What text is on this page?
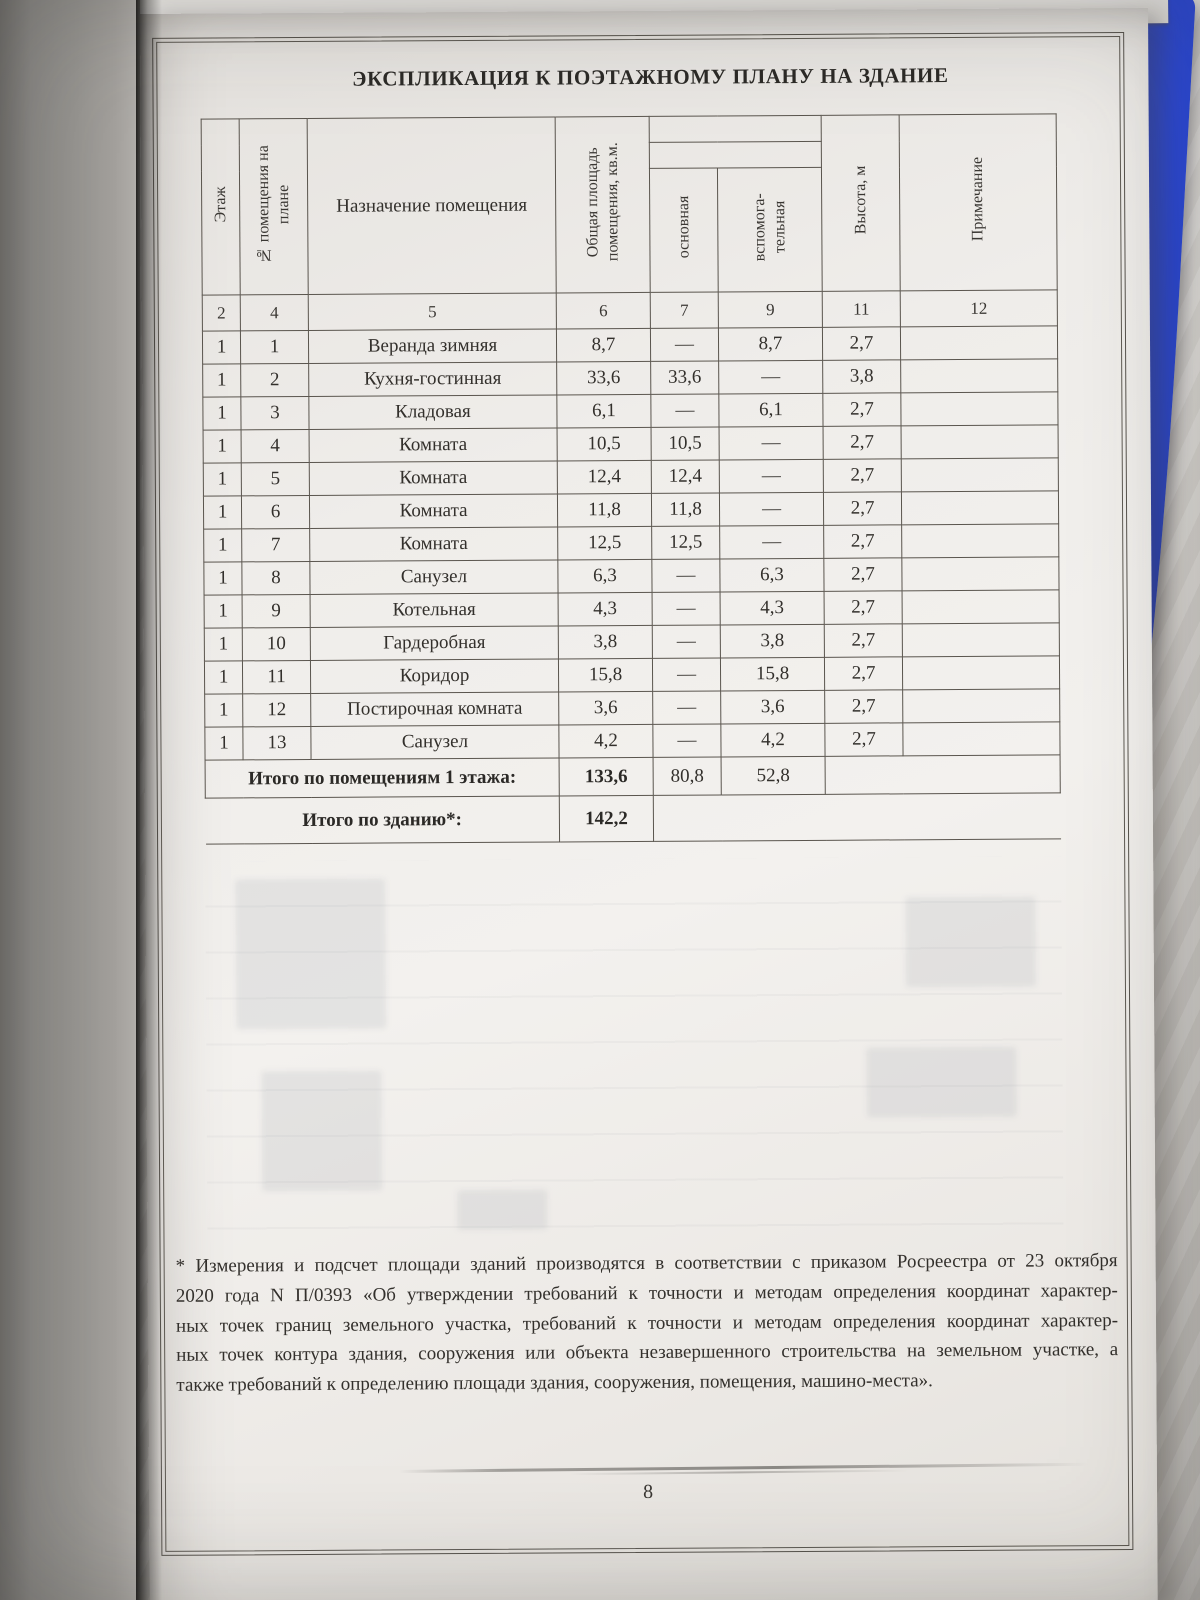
ЭКСПЛИКАЦИЯ К ПОЭТАЖНОМУ ПЛАНУ НА ЗДАНИЕ
Этаж	№ помещения на плане	Назначение помещения	Общая площадь помещения, кв.м.			Высота, м	Примечание

				основная	вспомога-тельная		
2	4	5	6	7	9	11	12
1	1	Веранда зимняя	8,7	—	8,7	2,7	
1	2	Кухня-гостинная	33,6	33,6	—	3,8	
1	3	Кладовая	6,1	—	6,1	2,7	
1	4	Комната	10,5	10,5	—	2,7	
1	5	Комната	12,4	12,4	—	2,7	
1	6	Комната	11,8	11,8	—	2,7	
1	7	Комната	12,5	12,5	—	2,7	
1	8	Санузел	6,3	—	6,3	2,7	
1	9	Котельная	4,3	—	4,3	2,7	
1	10	Гардеробная	3,8	—	3,8	2,7	
1	11	Коридор	15,8	—	15,8	2,7	
1	12	Постирочная комната	3,6	—	3,6	2,7	
1	13	Санузел	4,2	—	4,2	2,7	
Итого по помещениям 1 этажа:			133,6	80,8	52,8		
Итого по зданию*:			142,2				
* Измерения и подсчет площади зданий производятся в соответствии с приказом Росреестра от 23 октября
2020 года N П/0393 «Об утверждении требований к точности и методам определения координат характер-
ных точек границ земельного участка, требований к точности и методам определения координат характер-
ных точек контура здания, сооружения или объекта незавершенного строительства на земельном участке, а
также требований к определению площади здания, сооружения, помещения, машино-места».
8
